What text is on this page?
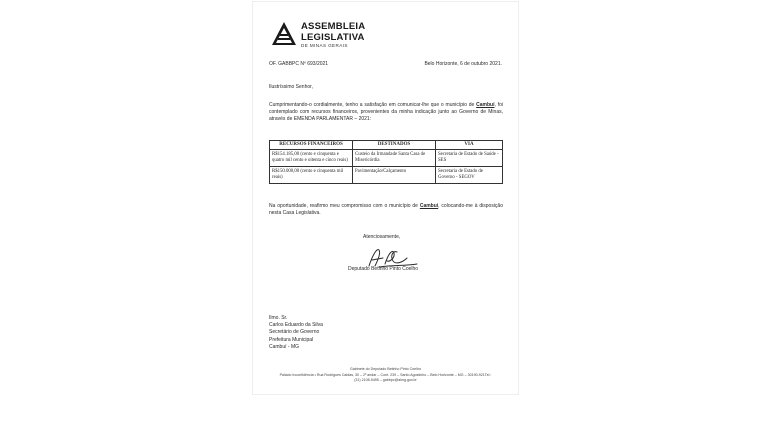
ASSEMBLEIA
LEGISLATIVA
DE MINAS GERAIS
OF. GABBPC Nº 693/2021	Belo Horizonte, 6 de outubro 2021.
Ilustríssimo Senhor,
Cumprimentando-o cordialmente, tenho a satisfação em comunicar-lhe que o município de Cambuí, foi contemplado com recursos financeiros, provenientes da minha indicação junto ao Governo de Minas, através de EMENDA PARLAMENTAR – 2021:
RECURSOS FINANCEIROS	DESTINADOS	VIA
R$154.185,00 (cento e cinquenta e quatro mil cento e oitenta e cinco reais)	Custeio da Irmandade Santa Casa de Misericórdia	Secretaria de Estado de Saúde - SES
R$150.000,00 (cento e cinquenta mil reais)	Pavimentação/Calçamento	Secretaria de Estado de Governo - SEGOV
Na oportunidade, reafirmo meu compromisso com o município de Cambuí, colocando-me à disposição nesta Casa Legislativa.
Atenciosamente,
Deputado Betinho Pinto Coelho
Ilmo. Sr.
Carlos Eduardo da Silva
Secretário de Governo
Prefeitura Municipal
Cambuí - MG
Gabinete do Deputado Betinho Pinto Coelho
Palácio Inconfidência • Rua Rodrigues Caldas, 30 – 2º andar – Cont. 239 – Santo Agostinho – Belo Horizonte – MG – 30190-921Tel.:
(31) 2108-5495 – gabbpc@almg.gov.br
